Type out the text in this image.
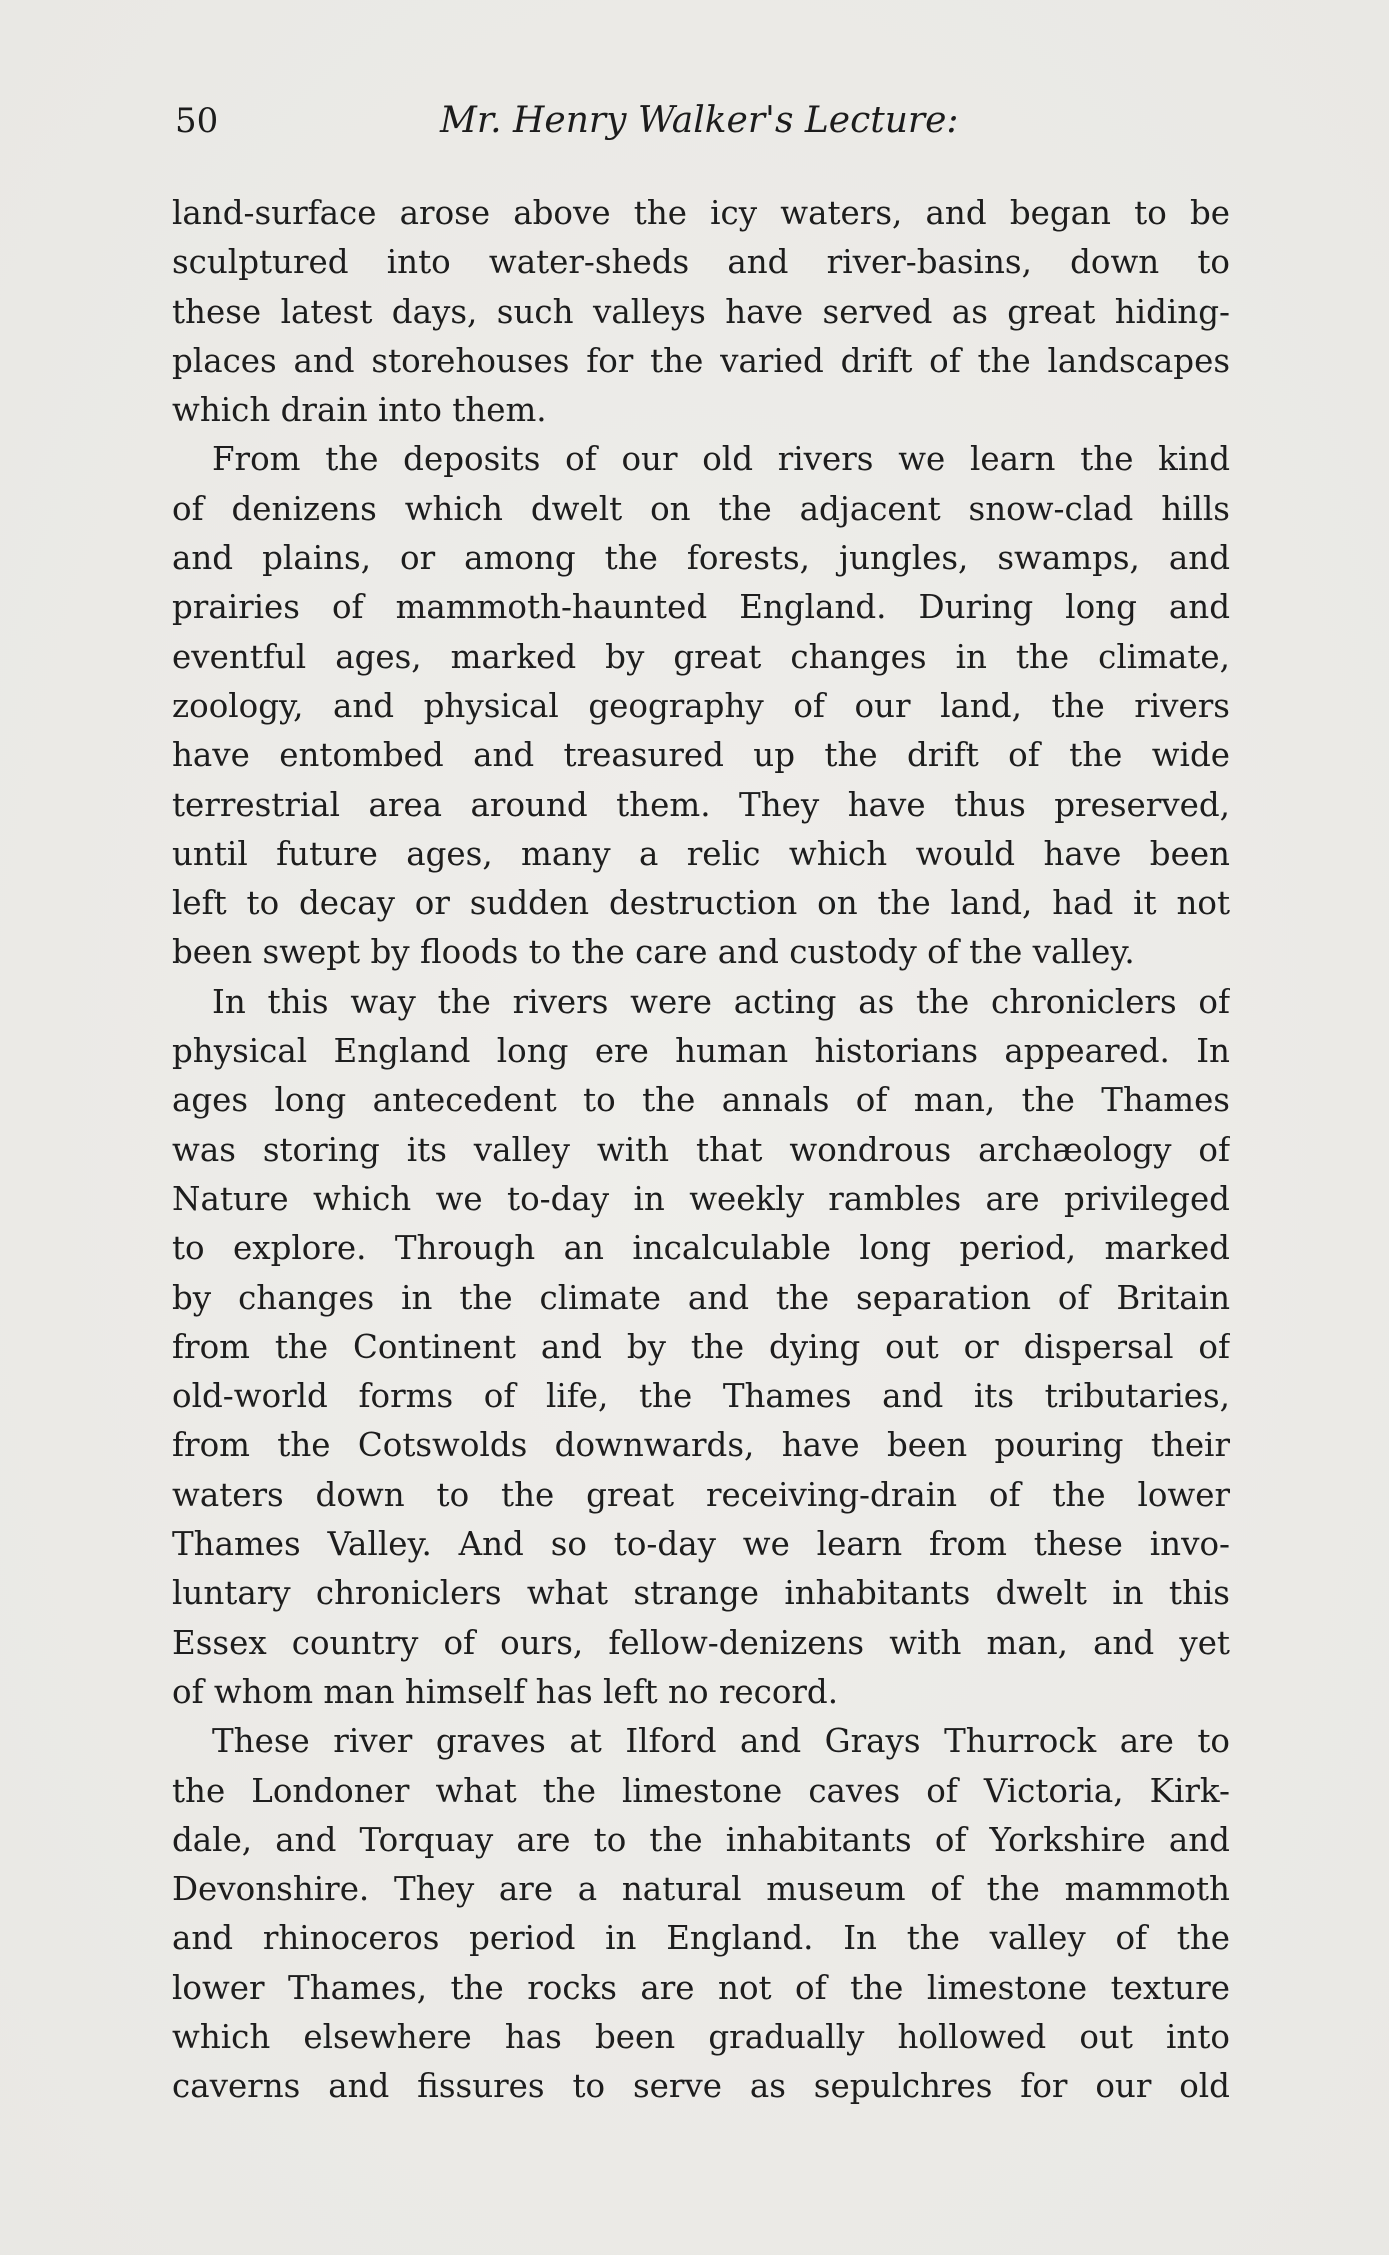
50	Mr. Henry Walker's Lecture:
land-surface arose above the icy waters, and began to be
sculptured into water-sheds and river-basins, down to
these latest days, such valleys have served as great hiding-
places and storehouses for the varied drift of the landscapes
which drain into them.
From the deposits of our old rivers we learn the kind
of denizens which dwelt on the adjacent snow-clad hills
and plains, or among the forests, jungles, swamps, and
prairies of mammoth-haunted England. During long and
eventful ages, marked by great changes in the climate,
zoology, and physical geography of our land, the rivers
have entombed and treasured up the drift of the wide
terrestrial area around them. They have thus preserved,
until future ages, many a relic which would have been
left to decay or sudden destruction on the land, had it not
been swept by floods to the care and custody of the valley.
In this way the rivers were acting as the chroniclers of
physical England long ere human historians appeared. In
ages long antecedent to the annals of man, the Thames
was storing its valley with that wondrous archæology of
Nature which we to-day in weekly rambles are privileged
to explore. Through an incalculable long period, marked
by changes in the climate and the separation of Britain
from the Continent and by the dying out or dispersal of
old-world forms of life, the Thames and its tributaries,
from the Cotswolds downwards, have been pouring their
waters down to the great receiving-drain of the lower
Thames Valley. And so to-day we learn from these invo-
luntary chroniclers what strange inhabitants dwelt in this
Essex country of ours, fellow-denizens with man, and yet
of whom man himself has left no record.
These river graves at Ilford and Grays Thurrock are to
the Londoner what the limestone caves of Victoria, Kirk-
dale, and Torquay are to the inhabitants of Yorkshire and
Devonshire. They are a natural museum of the mammoth
and rhinoceros period in England. In the valley of the
lower Thames, the rocks are not of the limestone texture
which elsewhere has been gradually hollowed out into
caverns and fissures to serve as sepulchres for our old
